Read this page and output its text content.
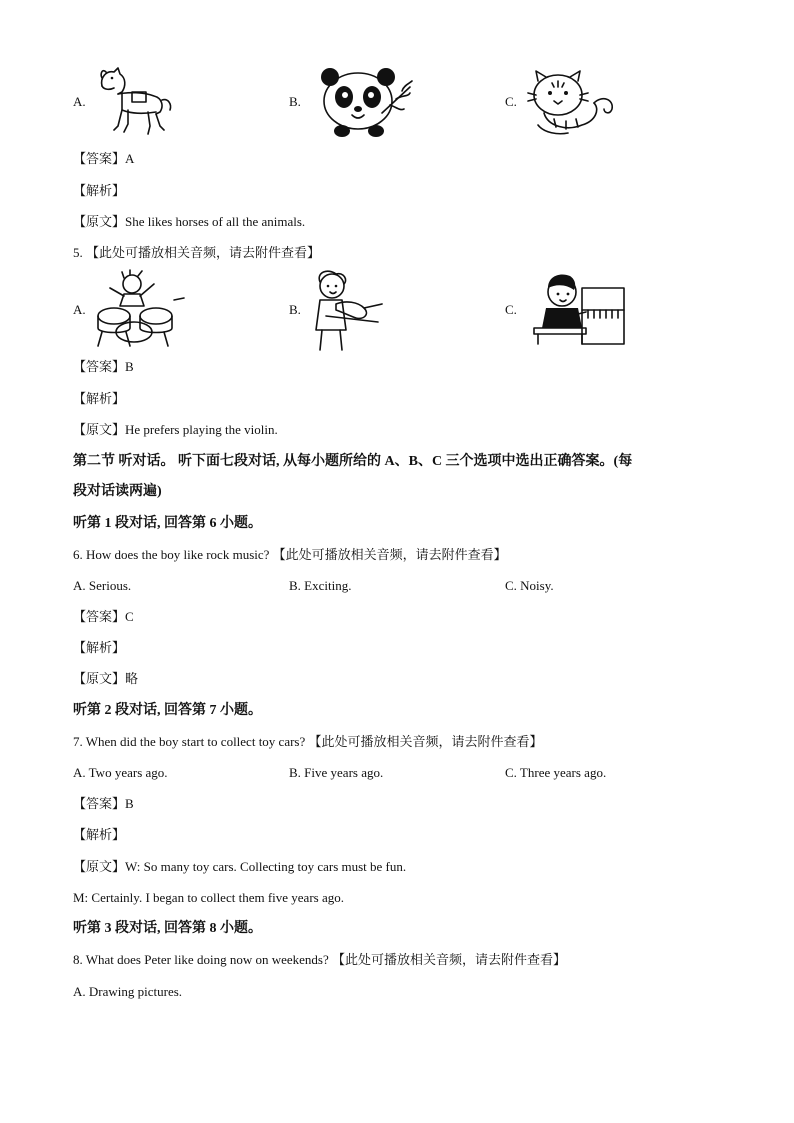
A.	B.	C.
【答案】A
【解析】
【原文】She likes horses of all the animals.
5. 【此处可播放相关音频，请去附件查看】
A.	B.	C.
【答案】B
【解析】
【原文】He prefers playing the violin.
第二节 听对话。 听下面七段对话, 从每小题所给的 A、B、C 三个选项中选出正确答案。(每
段对话读两遍)
听第 1 段对话, 回答第 6 小题。
6. How does the boy like rock music? 【此处可播放相关音频，请去附件查看】
A. Serious.	B. Exciting.	C. Noisy.
【答案】C
【解析】
【原文】略
听第 2 段对话, 回答第 7 小题。
7. When did the boy start to collect toy cars? 【此处可播放相关音频，请去附件查看】
A. Two years ago.	B. Five years ago.	C. Three years ago.
【答案】B
【解析】
【原文】W: So many toy cars. Collecting toy cars must be fun.
M: Certainly. I began to collect them five years ago.
听第 3 段对话, 回答第 8 小题。
8. What does Peter like doing now on weekends? 【此处可播放相关音频，请去附件查看】
A. Drawing pictures.
